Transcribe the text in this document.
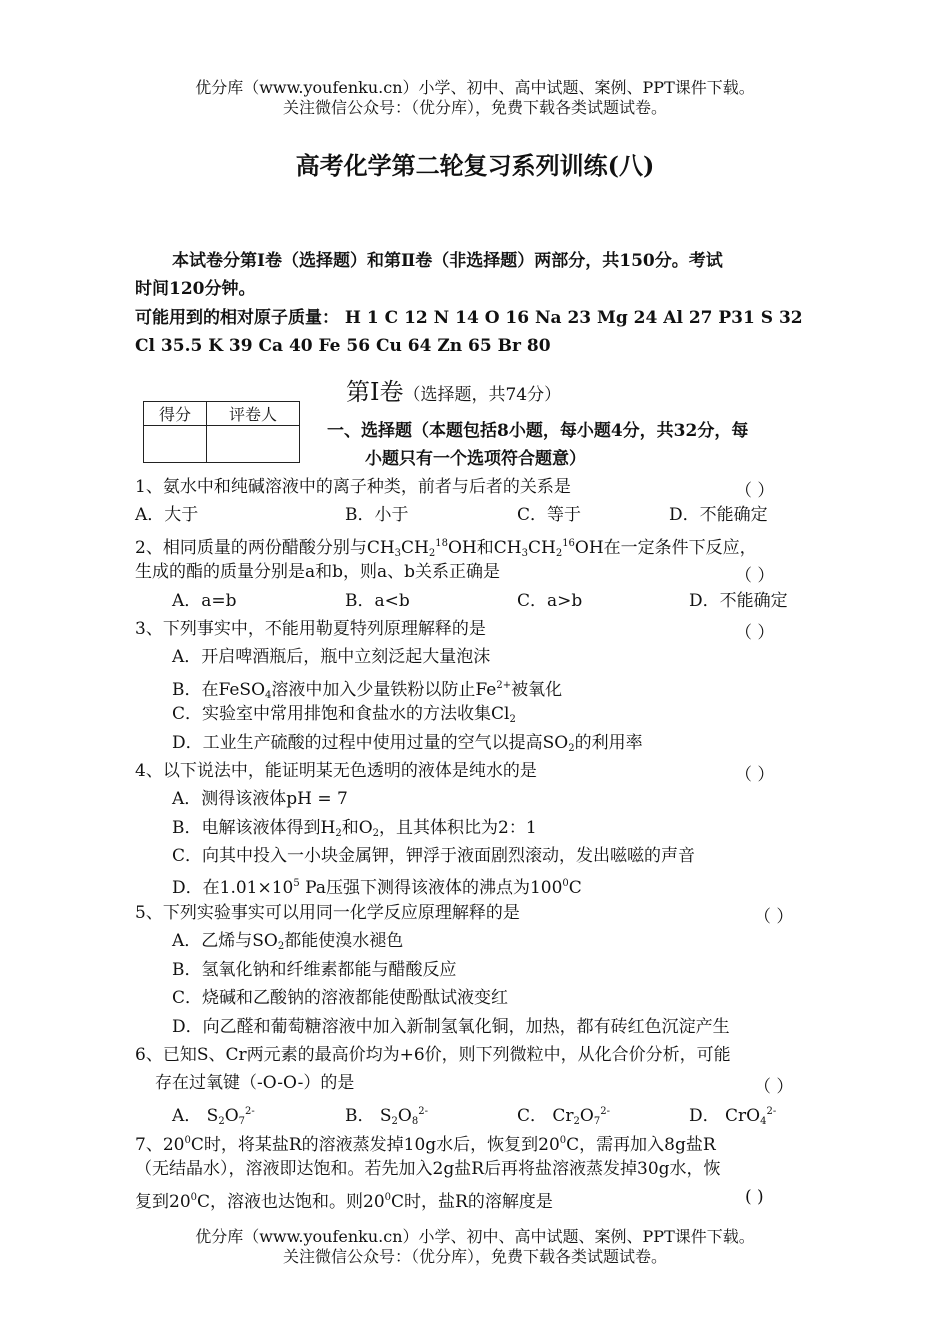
优分库（www.youfenku.cn）小学、初中、高中试题、案例、PPT课件下载。
关注微信公众号：（优分库），免费下载各类试题试卷。
高考化学第二轮复习系列训练(八)
本试卷分第Ⅰ卷（选择题）和第Ⅱ卷（非选择题）两部分，共150分。考试
时间120分钟。
可能用到的相对原子质量： H 1 C 12 N 14 O 16 Na 23 Mg 24 Al 27 P31 S 32
Cl 35.5 K 39 Ca 40 Fe 56 Cu 64 Zn 65 Br 80
第Ⅰ卷（选择题，共74分）
得分	评卷人

一、选择题（本题包括8小题，每小题4分，共32分，每
小题只有一个选项符合题意）
1、氨水中和纯碱溶液中的离子种类，前者与后者的关系是	（ ）
A．大于	B．小于	C．等于	D．不能确定
2、相同质量的两份醋酸分别与$CH_3CH_2^{18}OH$和$CH_3CH_2^{16}OH$在一定条件下反应，
生成的酯的质量分别是a和b，则a、b关系正确是	（ ）
A．a=b	B．a<b	C．a>b	D．不能确定
3、下列事实中，不能用勒夏特列原理解释的是	（ ）
A．开启啤酒瓶后，瓶中立刻泛起大量泡沫
B．在FeSO$_4$溶液中加入少量铁粉以防止$Fe^{2+}$被氧化
C．实验室中常用排饱和食盐水的方法收集$Cl_2$
D．工业生产硫酸的过程中使用过量的空气以提高$SO_2$的利用率
4、以下说法中，能证明某无色透明的液体是纯水的是	（ ）
A．测得该液体pH = 7
B．电解该液体得到$H_2$和$O_2$，且其体积比为2：1
C．向其中投入一小块金属钾，钾浮于液面剧烈滚动，发出嗞嗞的声音
D．在$1.01\times 10^5$ Pa压强下测得该液体的沸点为$100^0C$
5、下列实验事实可以用同一化学反应原理解释的是	（ ）
A．乙烯与$SO_2$都能使溴水褪色
B．氢氧化钠和纤维素都能与醋酸反应
C．烧碱和乙酸钠的溶液都能使酚酞试液变红
D．向乙醛和葡萄糖溶液中加入新制氢氧化铜，加热，都有砖红色沉淀产生
6、已知S、Cr两元素的最高价均为+6价，则下列微粒中，从化合价分析，可能
存在过氧键（-O-O-）的是	（ ）
A． $S_2O_7^{2-}$	B． $S_2O_8^{2-}$	C． $Cr_2O_7^{2-}$	D． CrO$_4^{2-}$
7、$20^0C$时，将某盐R的溶液蒸发掉10g水后，恢复到$20^0C$，需再加入8g盐R
（无结晶水），溶液即达饱和。若先加入2g盐R后再将盐溶液蒸发掉30g水，恢
复到$20^0C$，溶液也达饱和。则$20^0C$时，盐R的溶解度是	( )
优分库（www.youfenku.cn）小学、初中、高中试题、案例、PPT课件下载。
关注微信公众号：（优分库），免费下载各类试题试卷。
